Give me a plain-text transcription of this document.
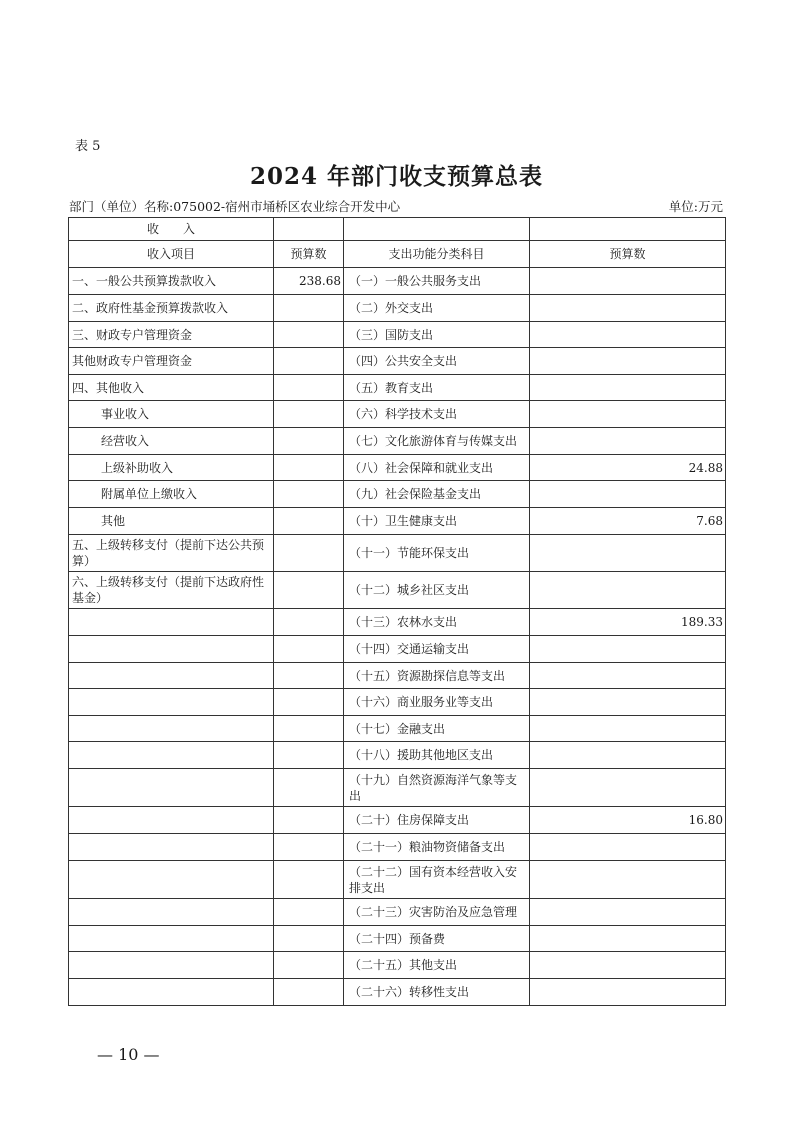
表 5
2024 年部门收支预算总表
部门（单位）名称:075002-宿州市埇桥区农业综合开发中心	单位:万元
收　　入			
收入项目	预算数	支出功能分类科目	预算数
一、一般公共预算拨款收入	238.68	（一）一般公共服务支出	
二、政府性基金预算拨款收入		（二）外交支出	
三、财政专户管理资金		（三）国防支出	
其他财政专户管理资金		（四）公共安全支出	
四、其他收入		（五）教育支出	
事业收入		（六）科学技术支出	
经营收入		（七）文化旅游体育与传媒支出	
上级补助收入		（八）社会保障和就业支出	24.88
附属单位上缴收入		（九）社会保险基金支出	
其他		（十）卫生健康支出	7.68
五、上级转移支付（提前下达公共预算）		（十一）节能环保支出	
六、上级转移支付（提前下达政府性基金）		（十二）城乡社区支出	
		（十三）农林水支出	189.33
		（十四）交通运输支出	
		（十五）资源勘探信息等支出	
		（十六）商业服务业等支出	
		（十七）金融支出	
		（十八）援助其他地区支出	
		（十九）自然资源海洋气象等支出	
		（二十）住房保障支出	16.80
		（二十一）粮油物资储备支出	
		（二十二）国有资本经营收入安排支出	
		（二十三）灾害防治及应急管理	
		（二十四）预备费	
		（二十五）其他支出	
		（二十六）转移性支出	
— 10 —
